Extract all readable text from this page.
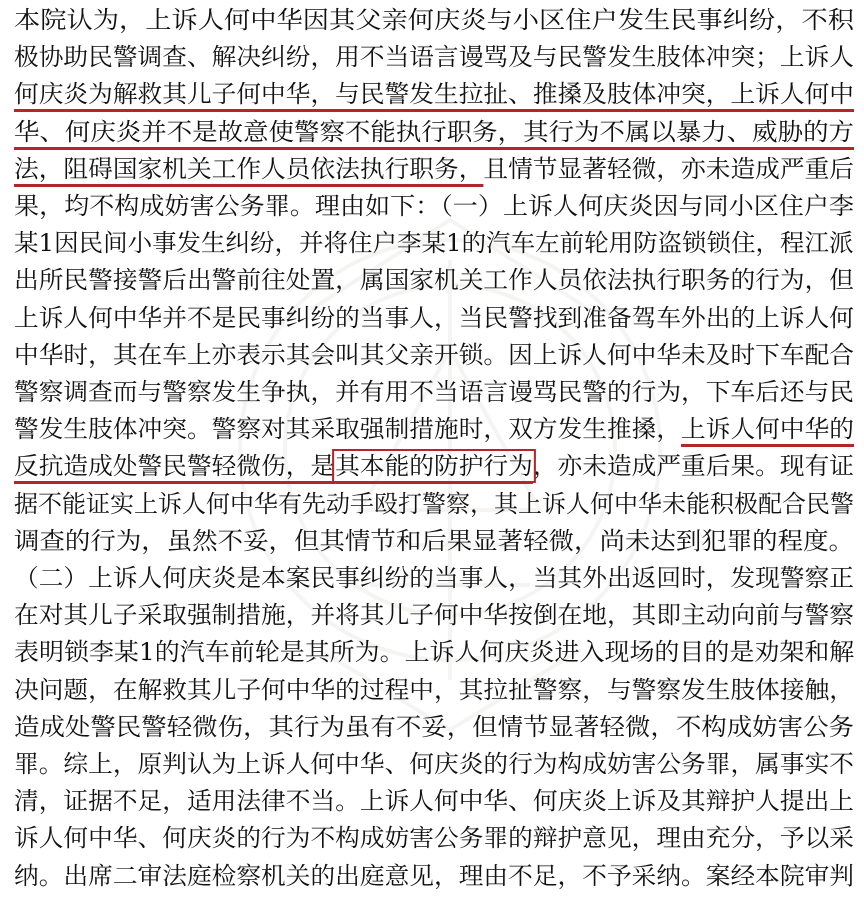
本院认为，上诉人何中华因其父亲何庆炎与小区住户发生民事纠纷，不积
极协助民警调查、解决纠纷，用不当语言谩骂及与民警发生肢体冲突；上诉人
何庆炎为解救其儿子何中华，与民警发生拉扯、推搡及肢体冲突，上诉人何中
华、何庆炎并不是故意使警察不能执行职务，其行为不属以暴力、威胁的方
法，阻碍国家机关工作人员依法执行职务，且情节显著轻微，亦未造成严重后
果，均不构成妨害公务罪。理由如下：（一）上诉人何庆炎因与同小区住户李
某1因民间小事发生纠纷，并将住户李某1的汽车左前轮用防盗锁锁住，程江派
出所民警接警后出警前往处置，属国家机关工作人员依法执行职务的行为，但
上诉人何中华并不是民事纠纷的当事人，当民警找到准备驾车外出的上诉人何
中华时，其在车上亦表示其会叫其父亲开锁。因上诉人何中华未及时下车配合
警察调查而与警察发生争执，并有用不当语言谩骂民警的行为，下车后还与民
警发生肢体冲突。警察对其采取强制措施时，双方发生推搡，上诉人何中华的
反抗造成处警民警轻微伤，是其本能的防护行为，亦未造成严重后果。现有证
据不能证实上诉人何中华有先动手殴打警察，其上诉人何中华未能积极配合民警
调查的行为，虽然不妥，但其情节和后果显著轻微，尚未达到犯罪的程度。
（二）上诉人何庆炎是本案民事纠纷的当事人，当其外出返回时，发现警察正
在对其儿子采取强制措施，并将其儿子何中华按倒在地，其即主动向前与警察
表明锁李某1的汽车前轮是其所为。上诉人何庆炎进入现场的目的是劝架和解
决问题，在解救其儿子何中华的过程中，其拉扯警察，与警察发生肢体接触，
造成处警民警轻微伤，其行为虽有不妥，但情节显著轻微，不构成妨害公务
罪。综上，原判认为上诉人何中华、何庆炎的行为构成妨害公务罪，属事实不
清，证据不足，适用法律不当。上诉人何中华、何庆炎上诉及其辩护人提出上
诉人何中华、何庆炎的行为不构成妨害公务罪的辩护意见，理由充分，予以采
纳。出席二审法庭检察机关的出庭意见，理由不足，不予采纳。案经本院审判
